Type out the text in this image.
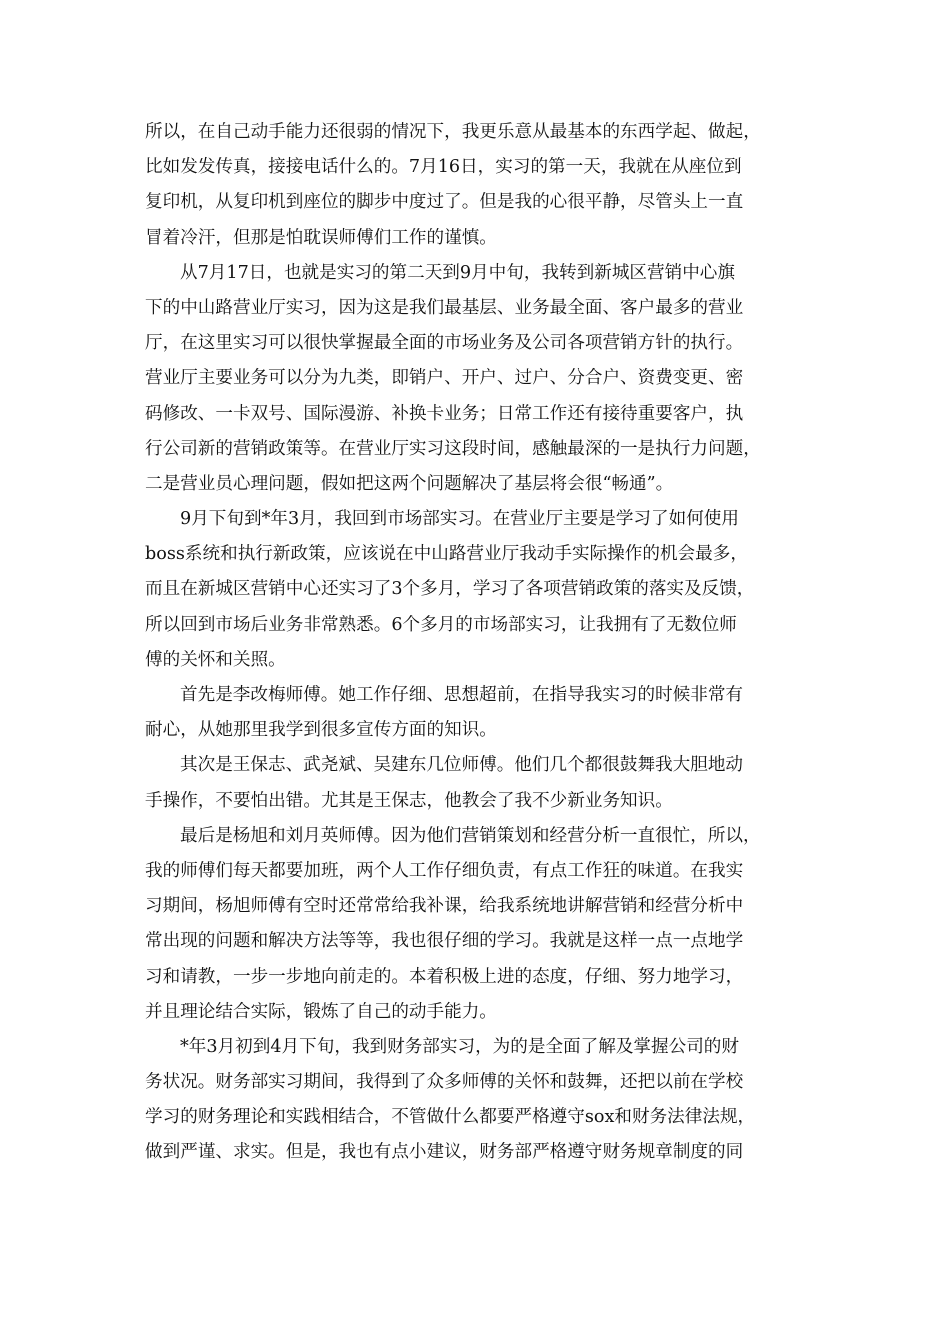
所以，在自己动手能力还很弱的情况下，我更乐意从最基本的东西学起、做起，
比如发发传真，接接电话什么的。7月16日，实习的第一天，我就在从座位到
复印机，从复印机到座位的脚步中度过了。但是我的心很平静，尽管头上一直
冒着冷汗，但那是怕耽误师傅们工作的谨慎。
从7月17日，也就是实习的第二天到9月中旬，我转到新城区营销中心旗
下的中山路营业厅实习，因为这是我们最基层、业务最全面、客户最多的营业
厅，在这里实习可以很快掌握最全面的市场业务及公司各项营销方针的执行。
营业厅主要业务可以分为九类，即销户、开户、过户、分合户、资费变更、密
码修改、一卡双号、国际漫游、补换卡业务；日常工作还有接待重要客户，执
行公司新的营销政策等。在营业厅实习这段时间，感触最深的一是执行力问题，
二是营业员心理问题，假如把这两个问题解决了基层将会很“畅通”。
9月下旬到*年3月，我回到市场部实习。在营业厅主要是学习了如何使用
boss系统和执行新政策，应该说在中山路营业厅我动手实际操作的机会最多，
而且在新城区营销中心还实习了3个多月，学习了各项营销政策的落实及反馈，
所以回到市场后业务非常熟悉。6个多月的市场部实习，让我拥有了无数位师
傅的关怀和关照。
首先是李改梅师傅。她工作仔细、思想超前，在指导我实习的时候非常有
耐心，从她那里我学到很多宣传方面的知识。
其次是王保志、武尧斌、吴建东几位师傅。他们几个都很鼓舞我大胆地动
手操作，不要怕出错。尤其是王保志，他教会了我不少新业务知识。
最后是杨旭和刘月英师傅。因为他们营销策划和经营分析一直很忙，所以，
我的师傅们每天都要加班，两个人工作仔细负责，有点工作狂的味道。在我实
习期间，杨旭师傅有空时还常常给我补课，给我系统地讲解营销和经营分析中
常出现的问题和解决方法等等，我也很仔细的学习。我就是这样一点一点地学
习和请教，一步一步地向前走的。本着积极上进的态度，仔细、努力地学习，
并且理论结合实际，锻炼了自己的动手能力。
*年3月初到4月下旬，我到财务部实习，为的是全面了解及掌握公司的财
务状况。财务部实习期间，我得到了众多师傅的关怀和鼓舞，还把以前在学校
学习的财务理论和实践相结合，不管做什么都要严格遵守sox和财务法律法规，
做到严谨、求实。但是，我也有点小建议，财务部严格遵守财务规章制度的同
